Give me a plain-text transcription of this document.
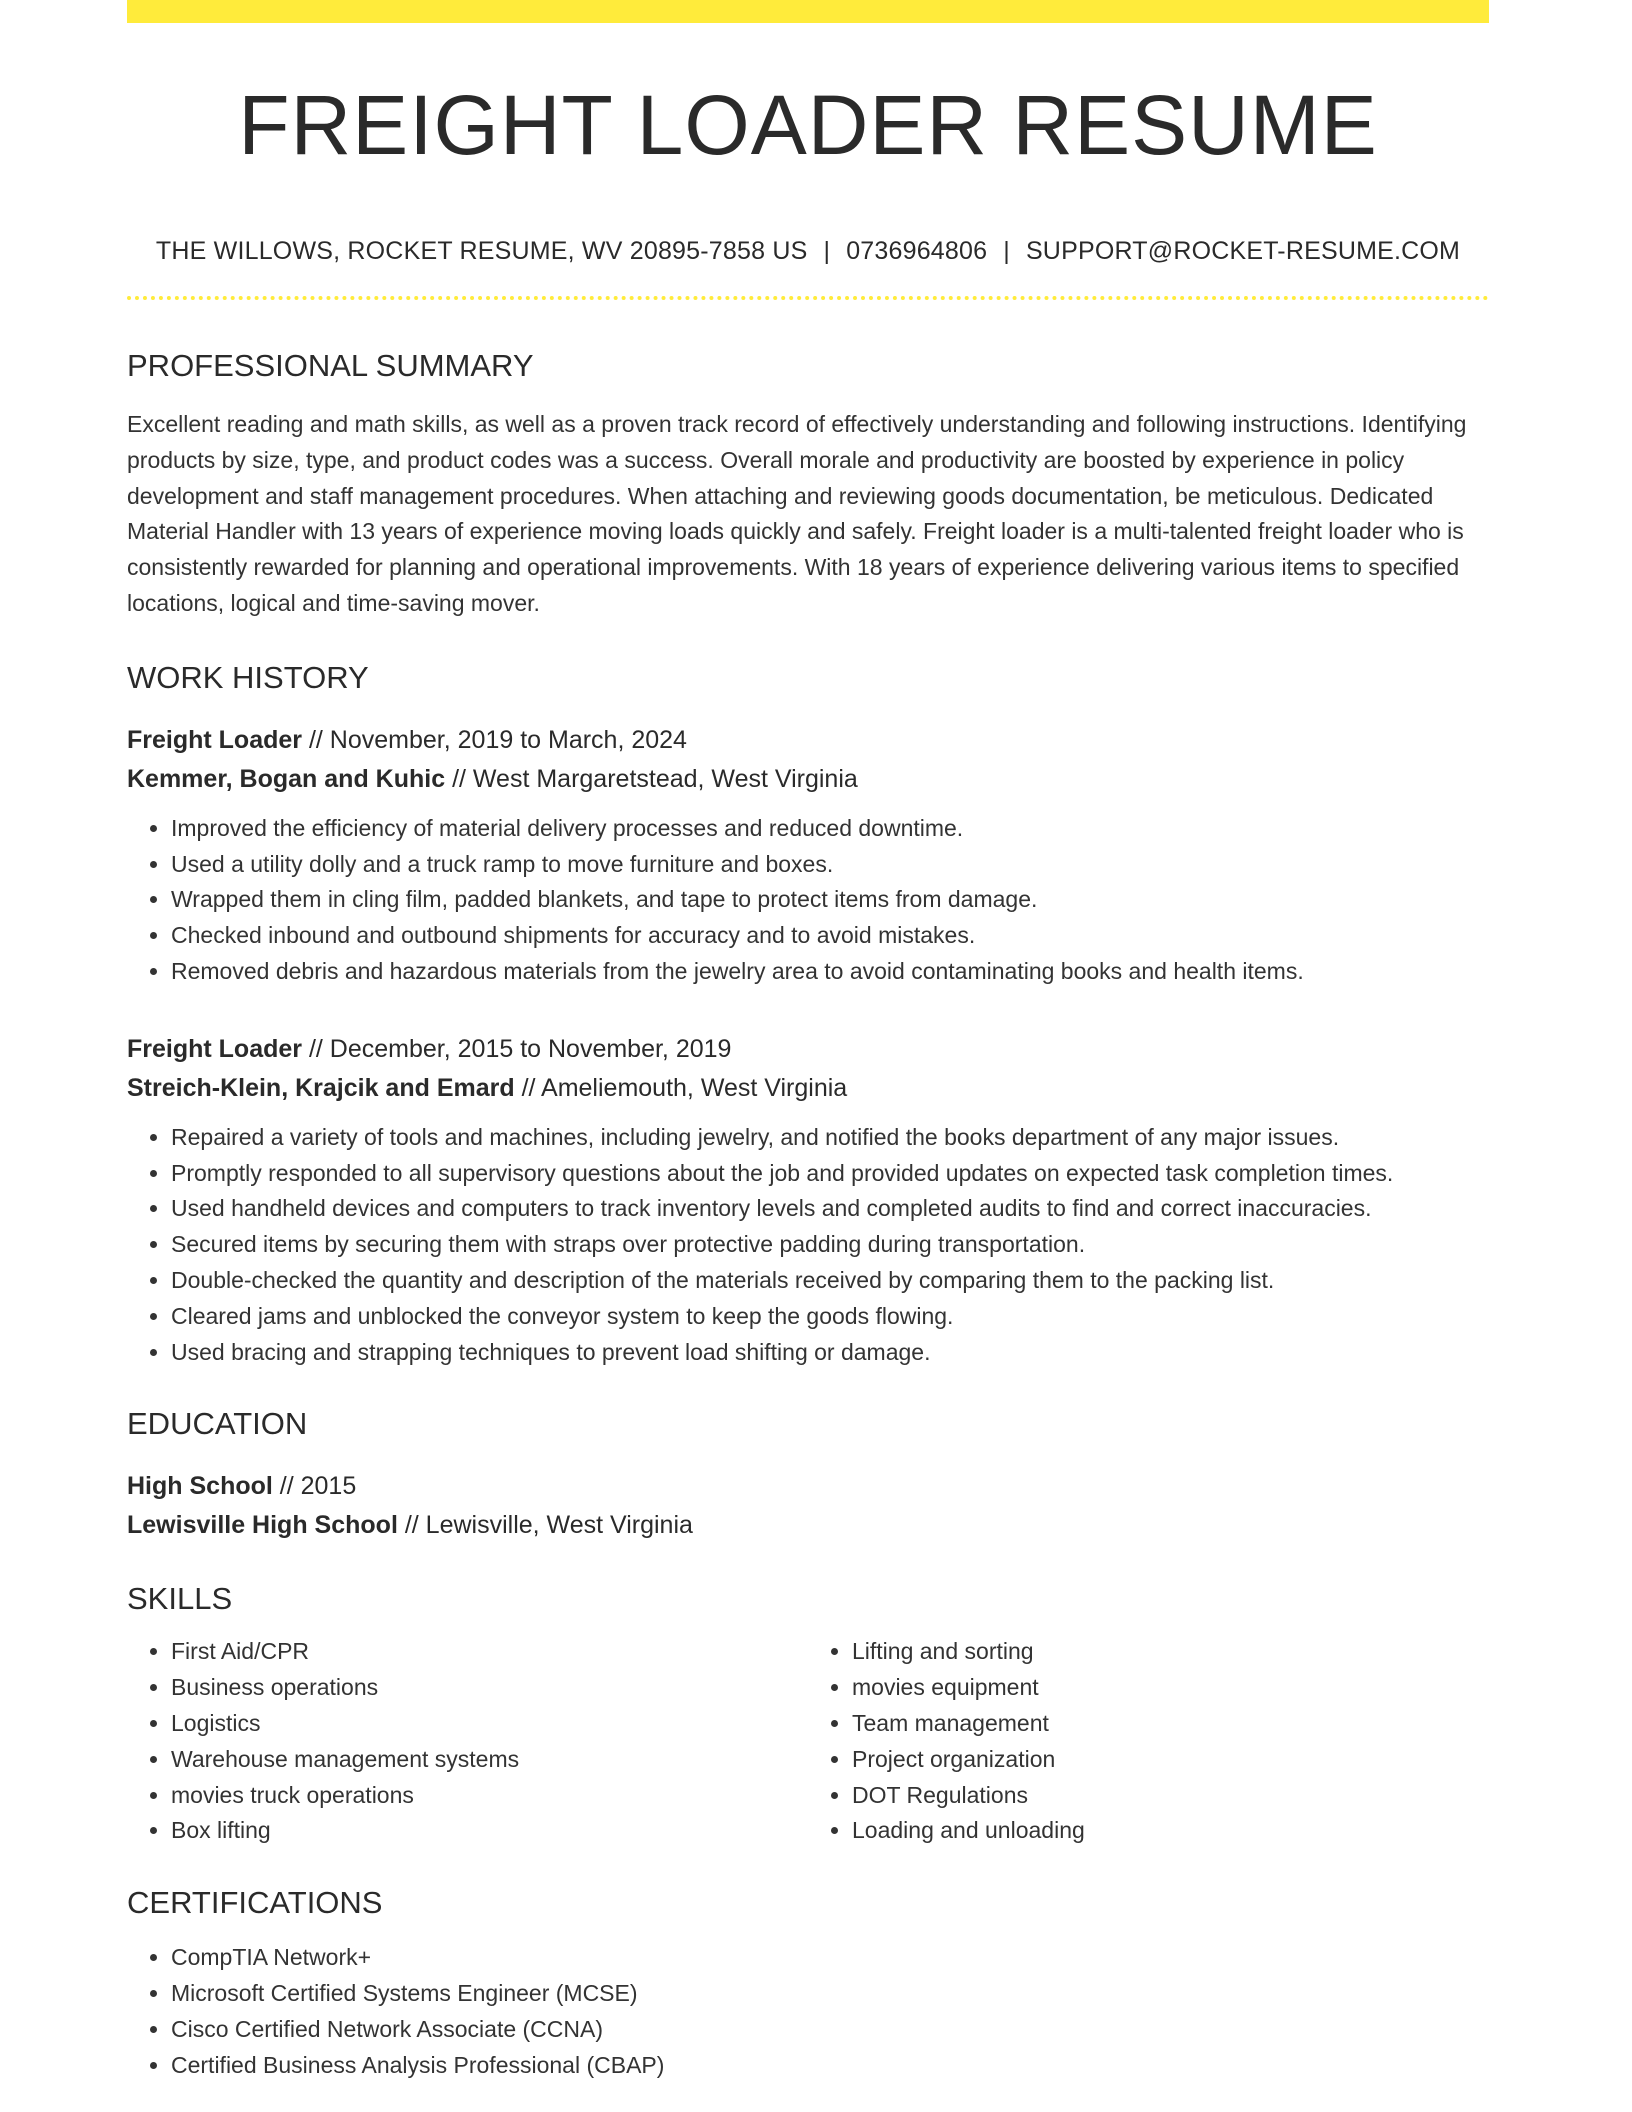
FREIGHT LOADER RESUME
THE WILLOWS, ROCKET RESUME, WV 20895-7858 US | 0736964806 | SUPPORT@ROCKET-RESUME.COM
PROFESSIONAL SUMMARY
Excellent reading and math skills, as well as a proven track record of effectively understanding and following instructions. Identifying products by size, type, and product codes was a success. Overall morale and productivity are boosted by experience in policy development and staff management procedures. When attaching and reviewing goods documentation, be meticulous. Dedicated Material Handler with 13 years of experience moving loads quickly and safely. Freight loader is a multi-talented freight loader who is consistently rewarded for planning and operational improvements. With 18 years of experience delivering various items to specified locations, logical and time-saving mover.
WORK HISTORY
Freight Loader // November, 2019 to March, 2024
Kemmer, Bogan and Kuhic // West Margaretstead, West Virginia
• Improved the efficiency of material delivery processes and reduced downtime.
• Used a utility dolly and a truck ramp to move furniture and boxes.
• Wrapped them in cling film, padded blankets, and tape to protect items from damage.
• Checked inbound and outbound shipments for accuracy and to avoid mistakes.
• Removed debris and hazardous materials from the jewelry area to avoid contaminating books and health items.
Freight Loader // December, 2015 to November, 2019
Streich-Klein, Krajcik and Emard // Ameliemouth, West Virginia
• Repaired a variety of tools and machines, including jewelry, and notified the books department of any major issues.
• Promptly responded to all supervisory questions about the job and provided updates on expected task completion times.
• Used handheld devices and computers to track inventory levels and completed audits to find and correct inaccuracies.
• Secured items by securing them with straps over protective padding during transportation.
• Double-checked the quantity and description of the materials received by comparing them to the packing list.
• Cleared jams and unblocked the conveyor system to keep the goods flowing.
• Used bracing and strapping techniques to prevent load shifting or damage.
EDUCATION
High School // 2015
Lewisville High School // Lewisville, West Virginia
SKILLS
• First Aid/CPR
• Business operations
• Logistics
• Warehouse management systems
• movies truck operations
• Box lifting
• Lifting and sorting
• movies equipment
• Team management
• Project organization
• DOT Regulations
• Loading and unloading
CERTIFICATIONS
• CompTIA Network+
• Microsoft Certified Systems Engineer (MCSE)
• Cisco Certified Network Associate (CCNA)
• Certified Business Analysis Professional (CBAP)
